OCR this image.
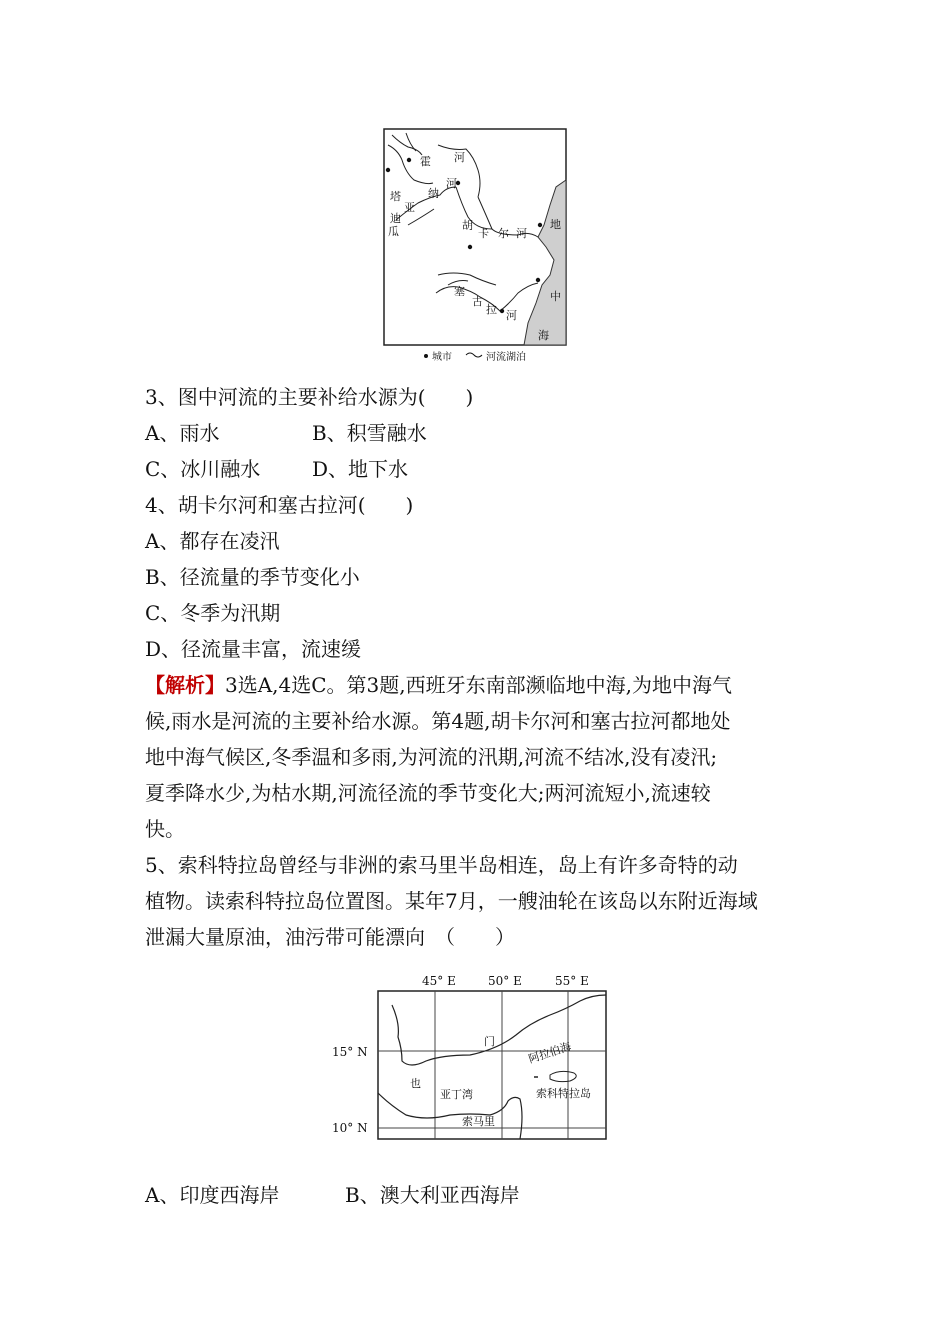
霍 河
河
塔 纳
亚
迪
瓜	胡
卡 尔 河
地
中
海
塞
古
拉 河
城市	河流湖泊
3、图中河流的主要补给水源为(　　)
A、雨水	B、积雪融水
C、冰川融水	D、地下水
4、胡卡尔河和塞古拉河(　　)
A、都存在凌汛
B、径流量的季节变化小
C、冬季为汛期
D、径流量丰富，流速缓
【解析】3选A,4选C。第3题,西班牙东南部濒临地中海,为地中海气
候,雨水是河流的主要补给水源。第4题,胡卡尔河和塞古拉河都地处
地中海气候区,冬季温和多雨,为河流的汛期,河流不结冰,没有凌汛;
夏季降水少,为枯水期,河流径流的季节变化大;两河流短小,流速较
快。
5、索科特拉岛曾经与非洲的索马里半岛相连，岛上有许多奇特的动
植物。读索科特拉岛位置图。某年7月，一艘油轮在该岛以东附近海域
泄漏大量原油，油污带可能漂向　（　　）
45° E	50° E	55° E
15° N
10° N
门
也
阿拉伯海
亚丁湾	索科特拉岛
索马里
A、印度西海岸	B、澳大利亚西海岸
